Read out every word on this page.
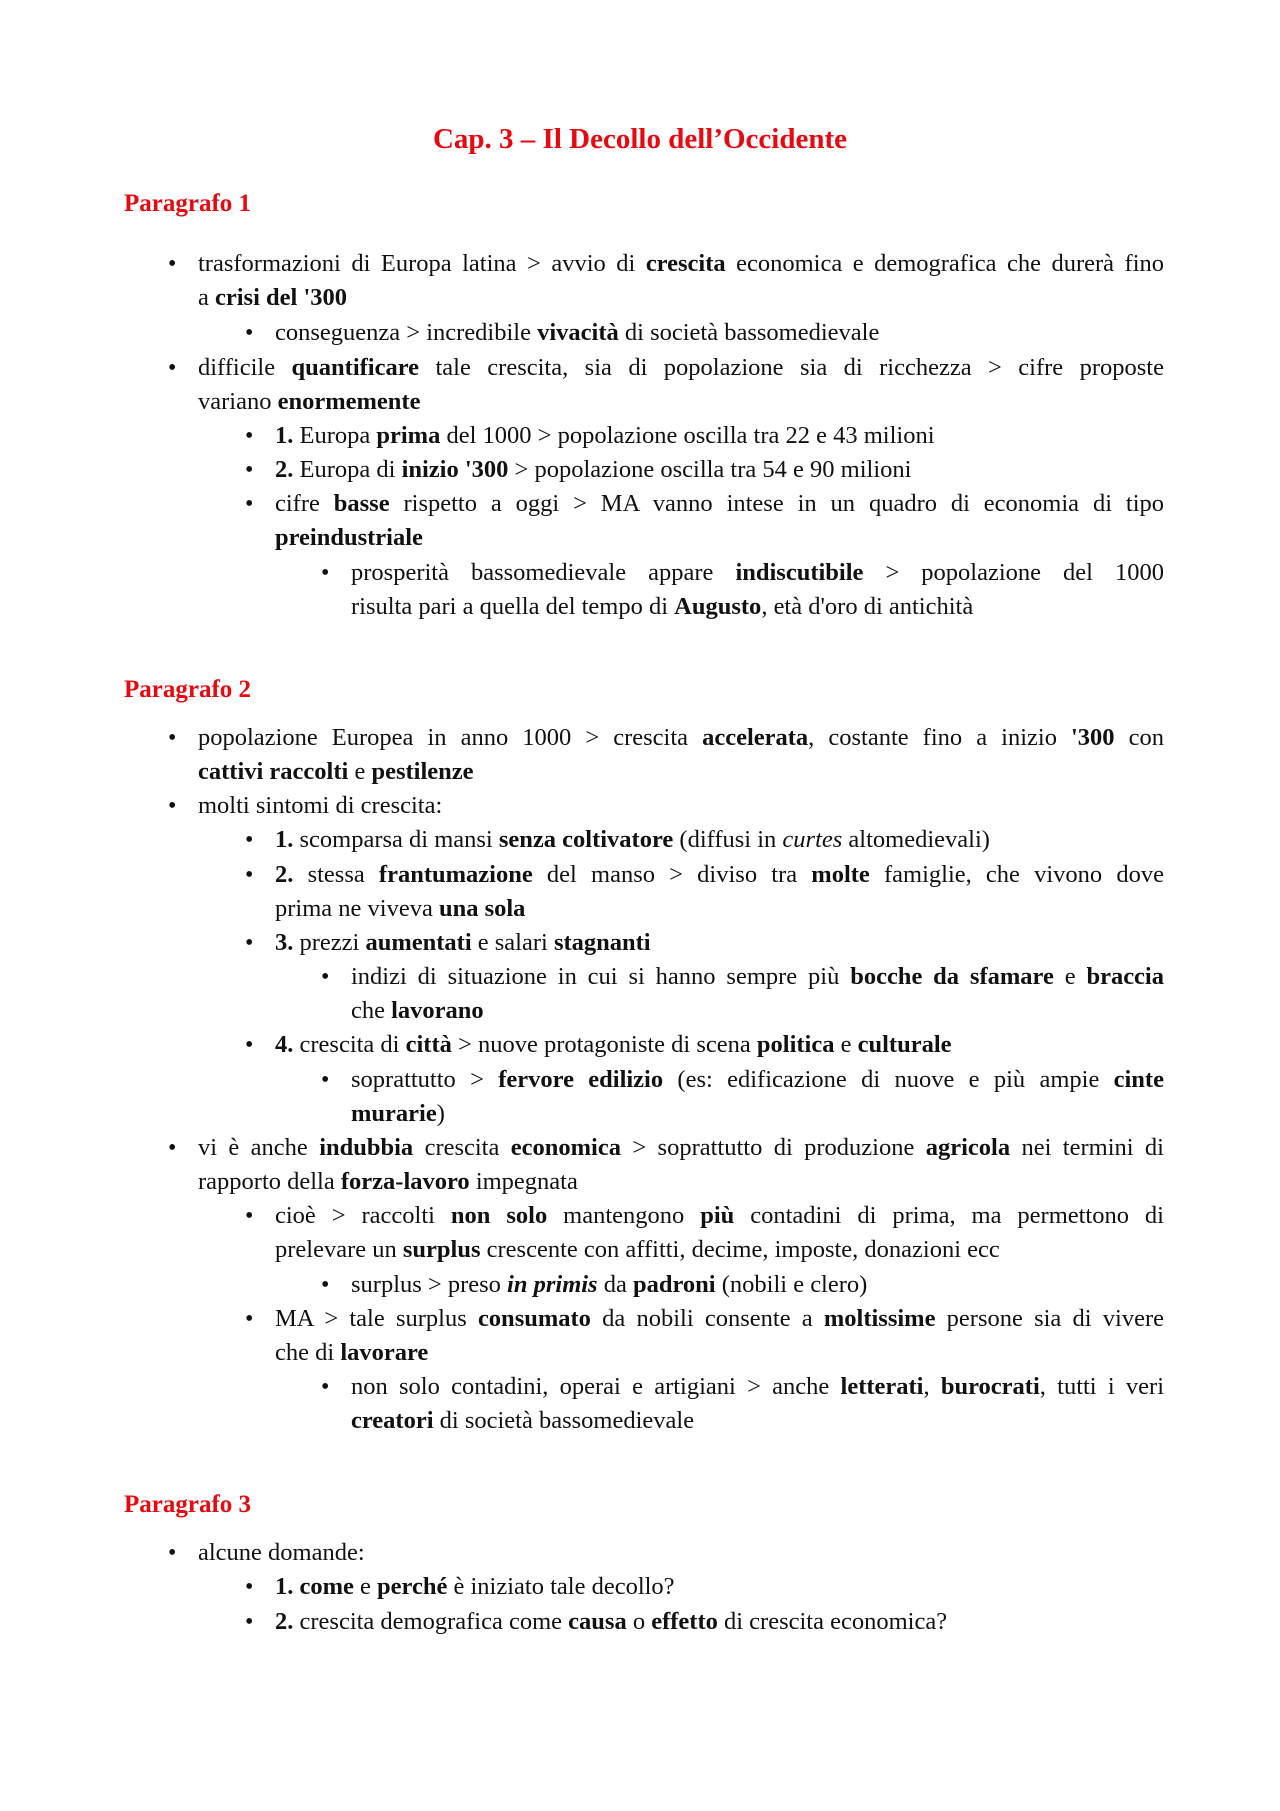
Cap. 3 – Il Decollo dell’Occidente
Paragrafo 1
• trasformazioni di Europa latina > avvio di crescita economica e demografica che durerà fino
a crisi del '300
• conseguenza > incredibile vivacità di società bassomedievale
• difficile quantificare tale crescita, sia di popolazione sia di ricchezza > cifre proposte
variano enormemente
• 1. Europa prima del 1000 > popolazione oscilla tra 22 e 43 milioni
• 2. Europa di inizio '300 > popolazione oscilla tra 54 e 90 milioni
• cifre basse rispetto a oggi > MA vanno intese in un quadro di economia di tipo
preindustriale
• prosperità bassomedievale appare indiscutibile > popolazione del 1000
risulta pari a quella del tempo di Augusto, età d'oro di antichità
Paragrafo 2
• popolazione Europea in anno 1000 > crescita accelerata, costante fino a inizio '300 con
cattivi raccolti e pestilenze
• molti sintomi di crescita:
• 1. scomparsa di mansi senza coltivatore (diffusi in curtes altomedievali)
• 2. stessa frantumazione del manso > diviso tra molte famiglie, che vivono dove
prima ne viveva una sola
• 3. prezzi aumentati e salari stagnanti
• indizi di situazione in cui si hanno sempre più bocche da sfamare e braccia
che lavorano
• 4. crescita di città > nuove protagoniste di scena politica e culturale
• soprattutto > fervore edilizio (es: edificazione di nuove e più ampie cinte
murarie)
• vi è anche indubbia crescita economica > soprattutto di produzione agricola nei termini di
rapporto della forza-lavoro impegnata
• cioè > raccolti non solo mantengono più contadini di prima, ma permettono di
prelevare un surplus crescente con affitti, decime, imposte, donazioni ecc
• surplus > preso in primis da padroni (nobili e clero)
• MA > tale surplus consumato da nobili consente a moltissime persone sia di vivere
che di lavorare
• non solo contadini, operai e artigiani > anche letterati, burocrati, tutti i veri
creatori di società bassomedievale
Paragrafo 3
• alcune domande:
• 1. come e perché è iniziato tale decollo?
• 2. crescita demografica come causa o effetto di crescita economica?
